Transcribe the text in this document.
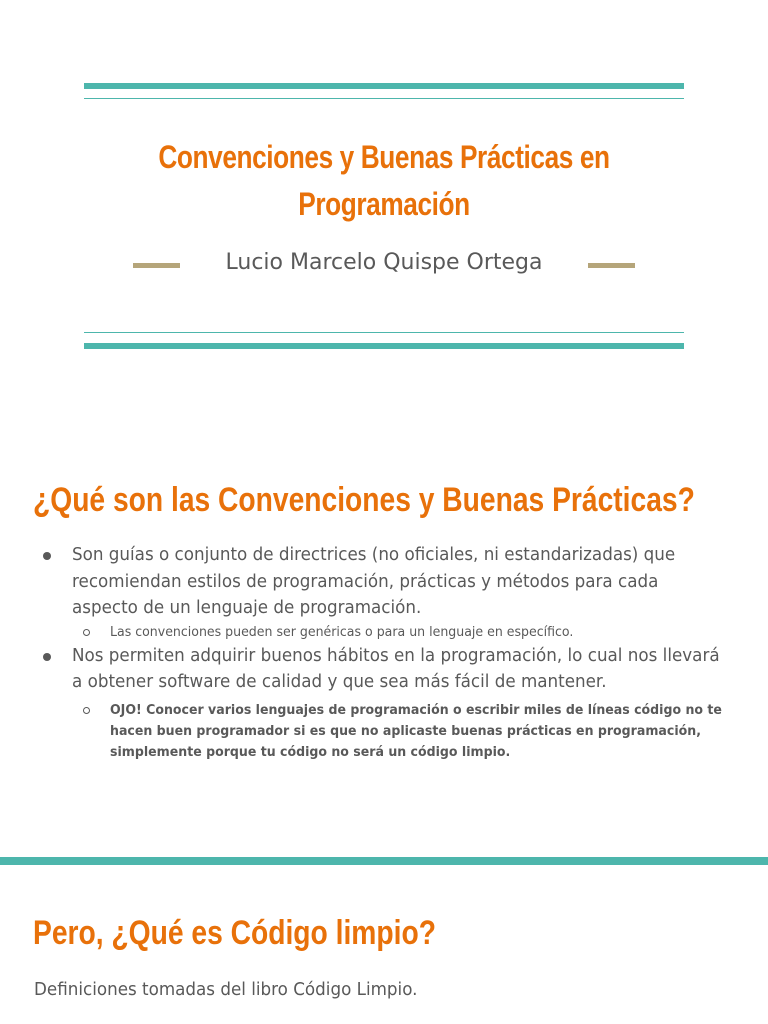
Convenciones y Buenas Prácticas en Programación

Lucio Marcelo Quispe Ortega

¿Qué son las Convenciones y Buenas Prácticas?
Son guías o conjunto de directrices (no oficiales, ni estandarizadas) que recomiendan estilos de programación, prácticas y métodos para cada aspecto de un lenguaje de programación.
Las convenciones pueden ser genéricas o para un lenguaje en específico.
Nos permiten adquirir buenos hábitos en la programación, lo cual nos llevará a obtener software de calidad y que sea más fácil de mantener.
OJO! Conocer varios lenguajes de programación o escribir miles de líneas código no te hacen buen programador si es que no aplicaste buenas prácticas en programación, simplemente porque tu código no será un código limpio.
Pero, ¿Qué es Código limpio?

Definiciones tomadas del libro Código Limpio.
